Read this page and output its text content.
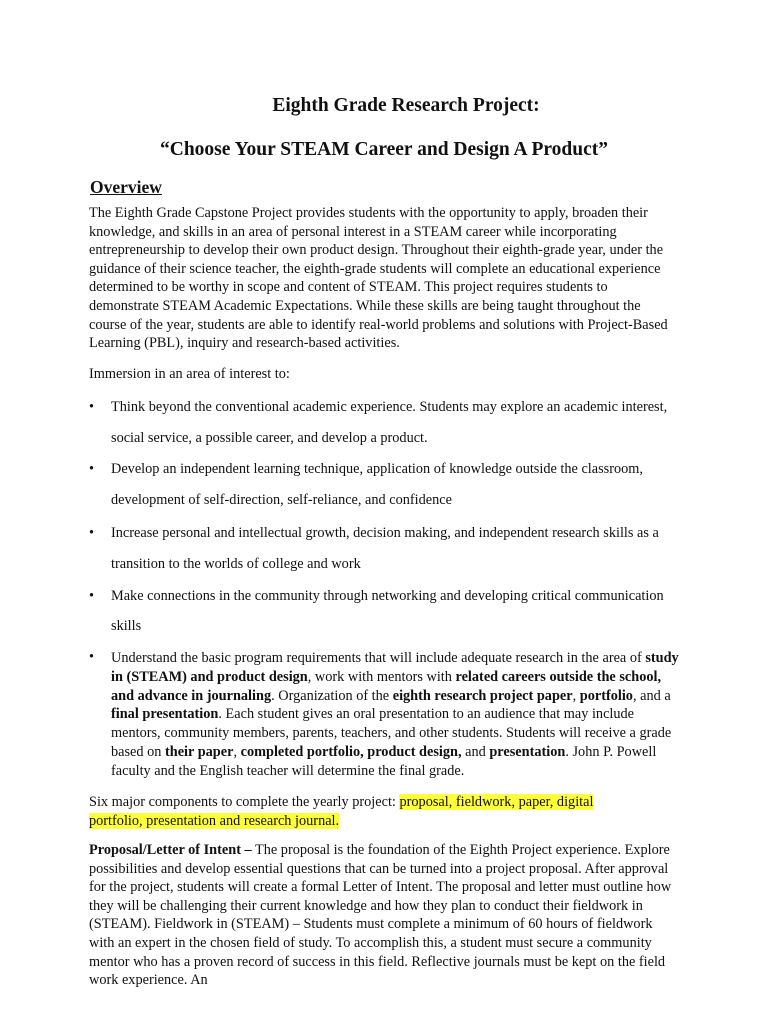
Eighth Grade Research Project:
“Choose Your STEAM Career and Design A Product”
Overview
The Eighth Grade Capstone Project provides students with the opportunity to apply, broaden their knowledge, and skills in an area of personal interest in a STEAM career while incorporating entrepreneurship to develop their own product design. Throughout their eighth-grade year, under the guidance of their science teacher, the eighth-grade students will complete an educational experience determined to be worthy in scope and content of STEAM. This project requires students to demonstrate STEAM Academic Expectations. While these skills are being taught throughout the course of the year, students are able to identify real-world problems and solutions with Project-Based Learning (PBL), inquiry and research-based activities.
Immersion in an area of interest to:
• Think beyond the conventional academic experience. Students may explore an academic interest,
social service, a possible career, and develop a product.
• Develop an independent learning technique, application of knowledge outside the classroom,
development of self-direction, self-reliance, and confidence
• Increase personal and intellectual growth, decision making, and independent research skills as a
transition to the worlds of college and work
• Make connections in the community through networking and developing critical communication
skills
• Understand the basic program requirements that will include adequate research in the area of study in (STEAM) and product design, work with mentors with related careers outside the school, and advance in journaling. Organization of the eighth research project paper, portfolio, and a final presentation. Each student gives an oral presentation to an audience that may include mentors, community members, parents, teachers, and other students. Students will receive a grade based on their paper, completed portfolio, product design, and presentation. John P. Powell faculty and the English teacher will determine the final grade.
Six major components to complete the yearly project: proposal, fieldwork, paper, digital portfolio, presentation and research journal.
Proposal/Letter of Intent – The proposal is the foundation of the Eighth Project experience. Explore possibilities and develop essential questions that can be turned into a project proposal. After approval for the project, students will create a formal Letter of Intent. The proposal and letter must outline how they will be challenging their current knowledge and how they plan to conduct their fieldwork in (STEAM). Fieldwork in (STEAM) – Students must complete a minimum of 60 hours of fieldwork with an expert in the chosen field of study. To accomplish this, a student must secure a community mentor who has a proven record of success in this field. Reflective journals must be kept on the field work experience. An
